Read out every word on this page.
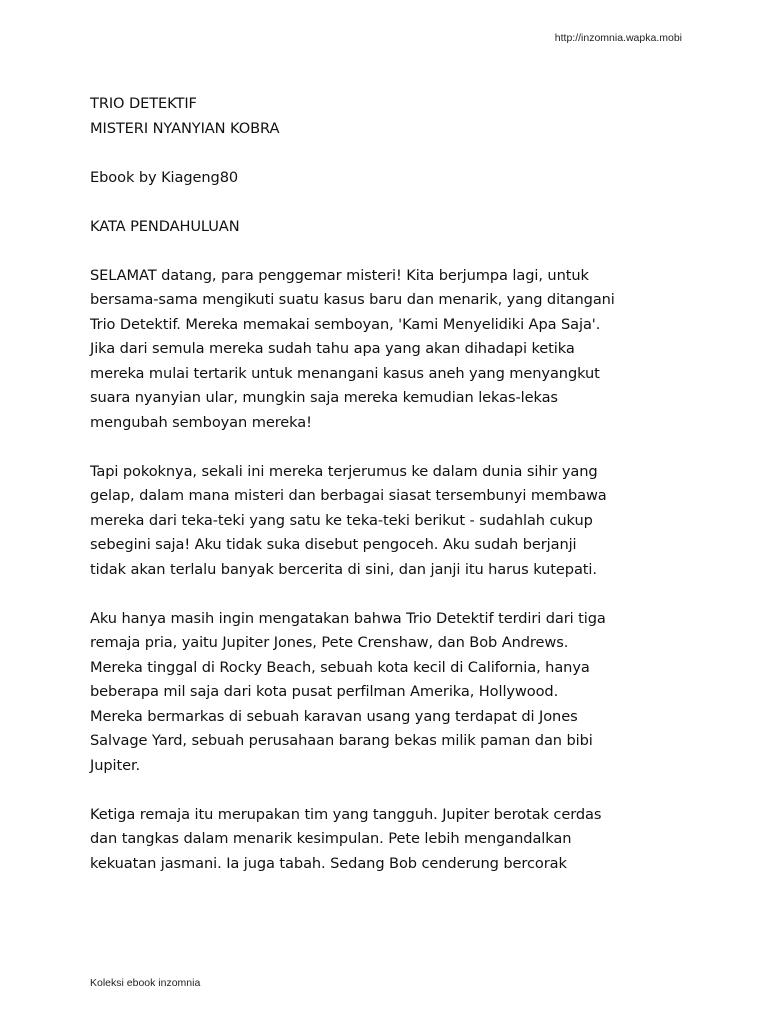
http://inzomnia.wapka.mobi
TRIO DETEKTIF
MISTERI NYANYIAN KOBRA
Ebook by Kiageng80
KATA PENDAHULUAN
SELAMAT datang, para penggemar misteri! Kita berjumpa lagi, untuk
bersama-sama mengikuti suatu kasus baru dan menarik, yang ditangani
Trio Detektif. Mereka memakai semboyan, 'Kami Menyelidiki Apa Saja'.
Jika dari semula mereka sudah tahu apa yang akan dihadapi ketika
mereka mulai tertarik untuk menangani kasus aneh yang menyangkut
suara nyanyian ular, mungkin saja mereka kemudian lekas-lekas
mengubah semboyan mereka!
Tapi pokoknya, sekali ini mereka terjerumus ke dalam dunia sihir yang
gelap, dalam mana misteri dan berbagai siasat tersembunyi membawa
mereka dari teka-teki yang satu ke teka-teki berikut - sudahlah cukup
sebegini saja! Aku tidak suka disebut pengoceh. Aku sudah berjanji
tidak akan terlalu banyak bercerita di sini, dan janji itu harus kutepati.
Aku hanya masih ingin mengatakan bahwa Trio Detektif terdiri dari tiga
remaja pria, yaitu Jupiter Jones, Pete Crenshaw, dan Bob Andrews.
Mereka tinggal di Rocky Beach, sebuah kota kecil di California, hanya
beberapa mil saja dari kota pusat perfilman Amerika, Hollywood.
Mereka bermarkas di sebuah karavan usang yang terdapat di Jones
Salvage Yard, sebuah perusahaan barang bekas milik paman dan bibi
Jupiter.
Ketiga remaja itu merupakan tim yang tangguh. Jupiter berotak cerdas
dan tangkas dalam menarik kesimpulan. Pete lebih mengandalkan
kekuatan jasmani. Ia juga tabah. Sedang Bob cenderung bercorak
Koleksi ebook inzomnia
